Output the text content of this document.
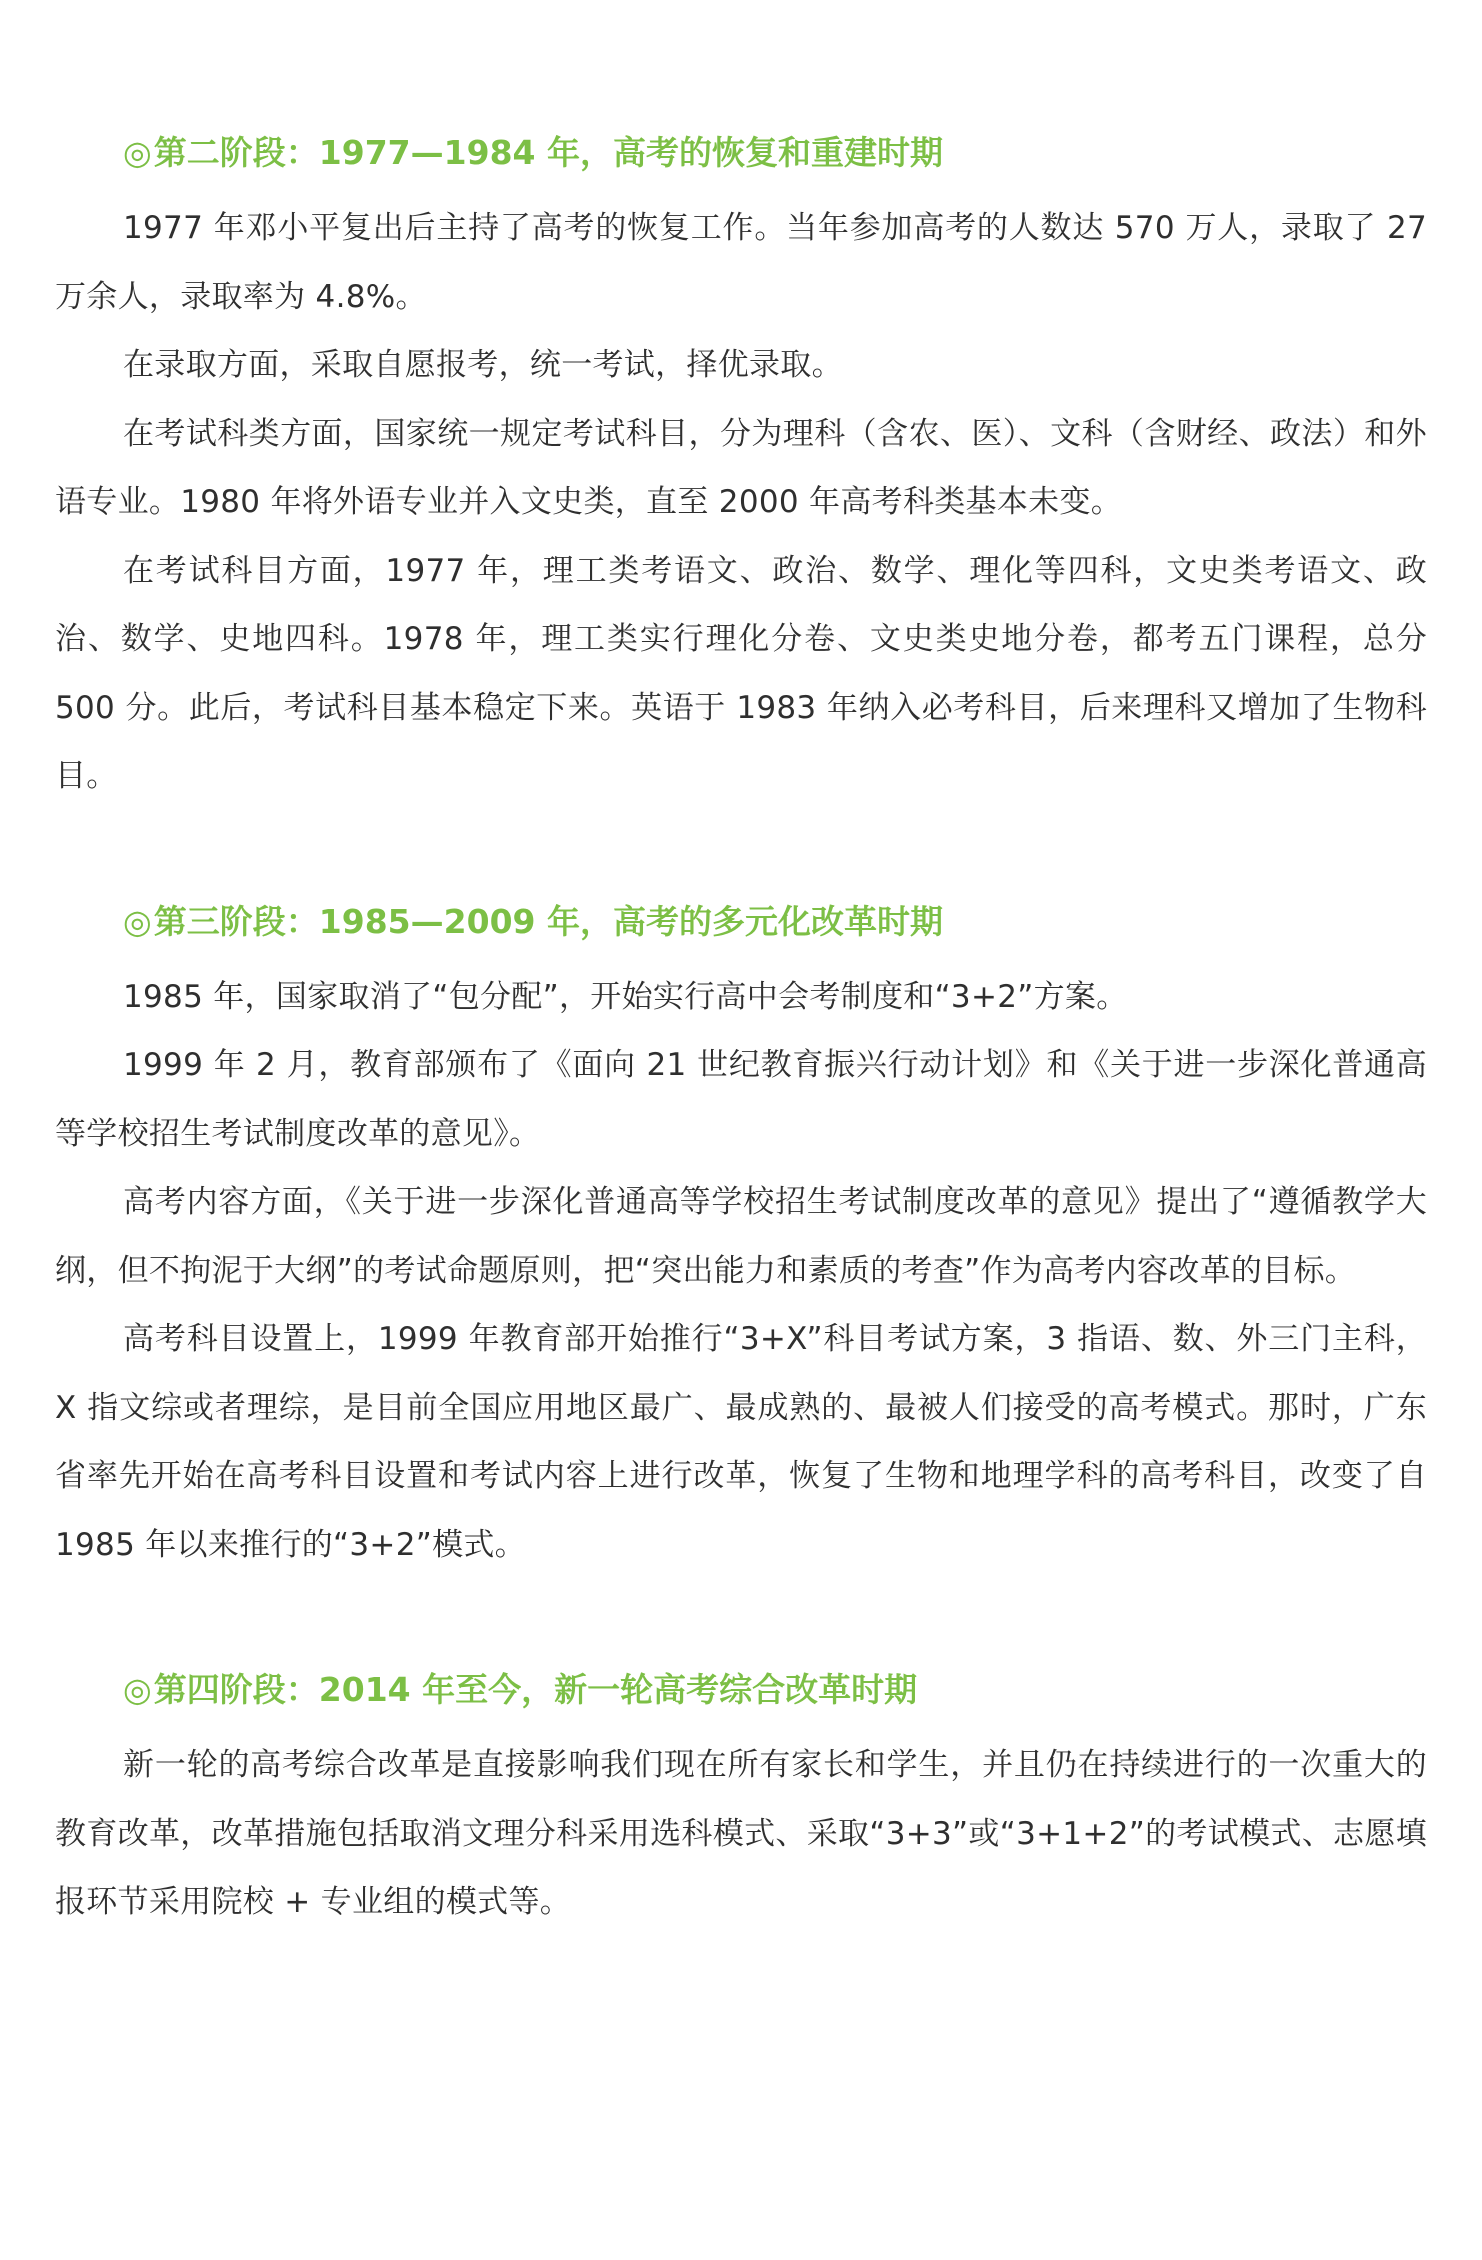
◎第二阶段：1977—1984 年，高考的恢复和重建时期

1977 年邓小平复出后主持了高考的恢复工作。当年参加高考的人数达 570 万人，录取了 27 万余人，录取率为 4.8%。

在录取方面，采取自愿报考，统一考试，择优录取。

在考试科类方面，国家统一规定考试科目，分为理科（含农、医）、文科（含财经、政法）和外语专业。1980 年将外语专业并入文史类，直至 2000 年高考科类基本未变。

在考试科目方面，1977 年，理工类考语文、政治、数学、理化等四科，文史类考语文、政治、数学、史地四科。1978 年，理工类实行理化分卷、文史类史地分卷，都考五门课程，总分 500 分。此后，考试科目基本稳定下来。英语于 1983 年纳入必考科目，后来理科又增加了生物科目。

◎第三阶段：1985—2009 年，高考的多元化改革时期

1985 年，国家取消了“包分配”，开始实行高中会考制度和“3+2”方案。

1999 年 2 月，教育部颁布了《面向 21 世纪教育振兴行动计划》和《关于进一步深化普通高等学校招生考试制度改革的意见》。

高考内容方面，《关于进一步深化普通高等学校招生考试制度改革的意见》提出了“遵循教学大纲，但不拘泥于大纲”的考试命题原则，把“突出能力和素质的考查”作为高考内容改革的目标。

高考科目设置上，1999 年教育部开始推行“3+X”科目考试方案，3 指语、数、外三门主科，X 指文综或者理综，是目前全国应用地区最广、最成熟的、最被人们接受的高考模式。那时，广东省率先开始在高考科目设置和考试内容上进行改革，恢复了生物和地理学科的高考科目，改变了自 1985 年以来推行的“3+2”模式。

◎第四阶段：2014 年至今，新一轮高考综合改革时期

新一轮的高考综合改革是直接影响我们现在所有家长和学生，并且仍在持续进行的一次重大的教育改革，改革措施包括取消文理分科采用选科模式、采取“3+3”或“3+1+2”的考试模式、志愿填报环节采用院校 + 专业组的模式等。
